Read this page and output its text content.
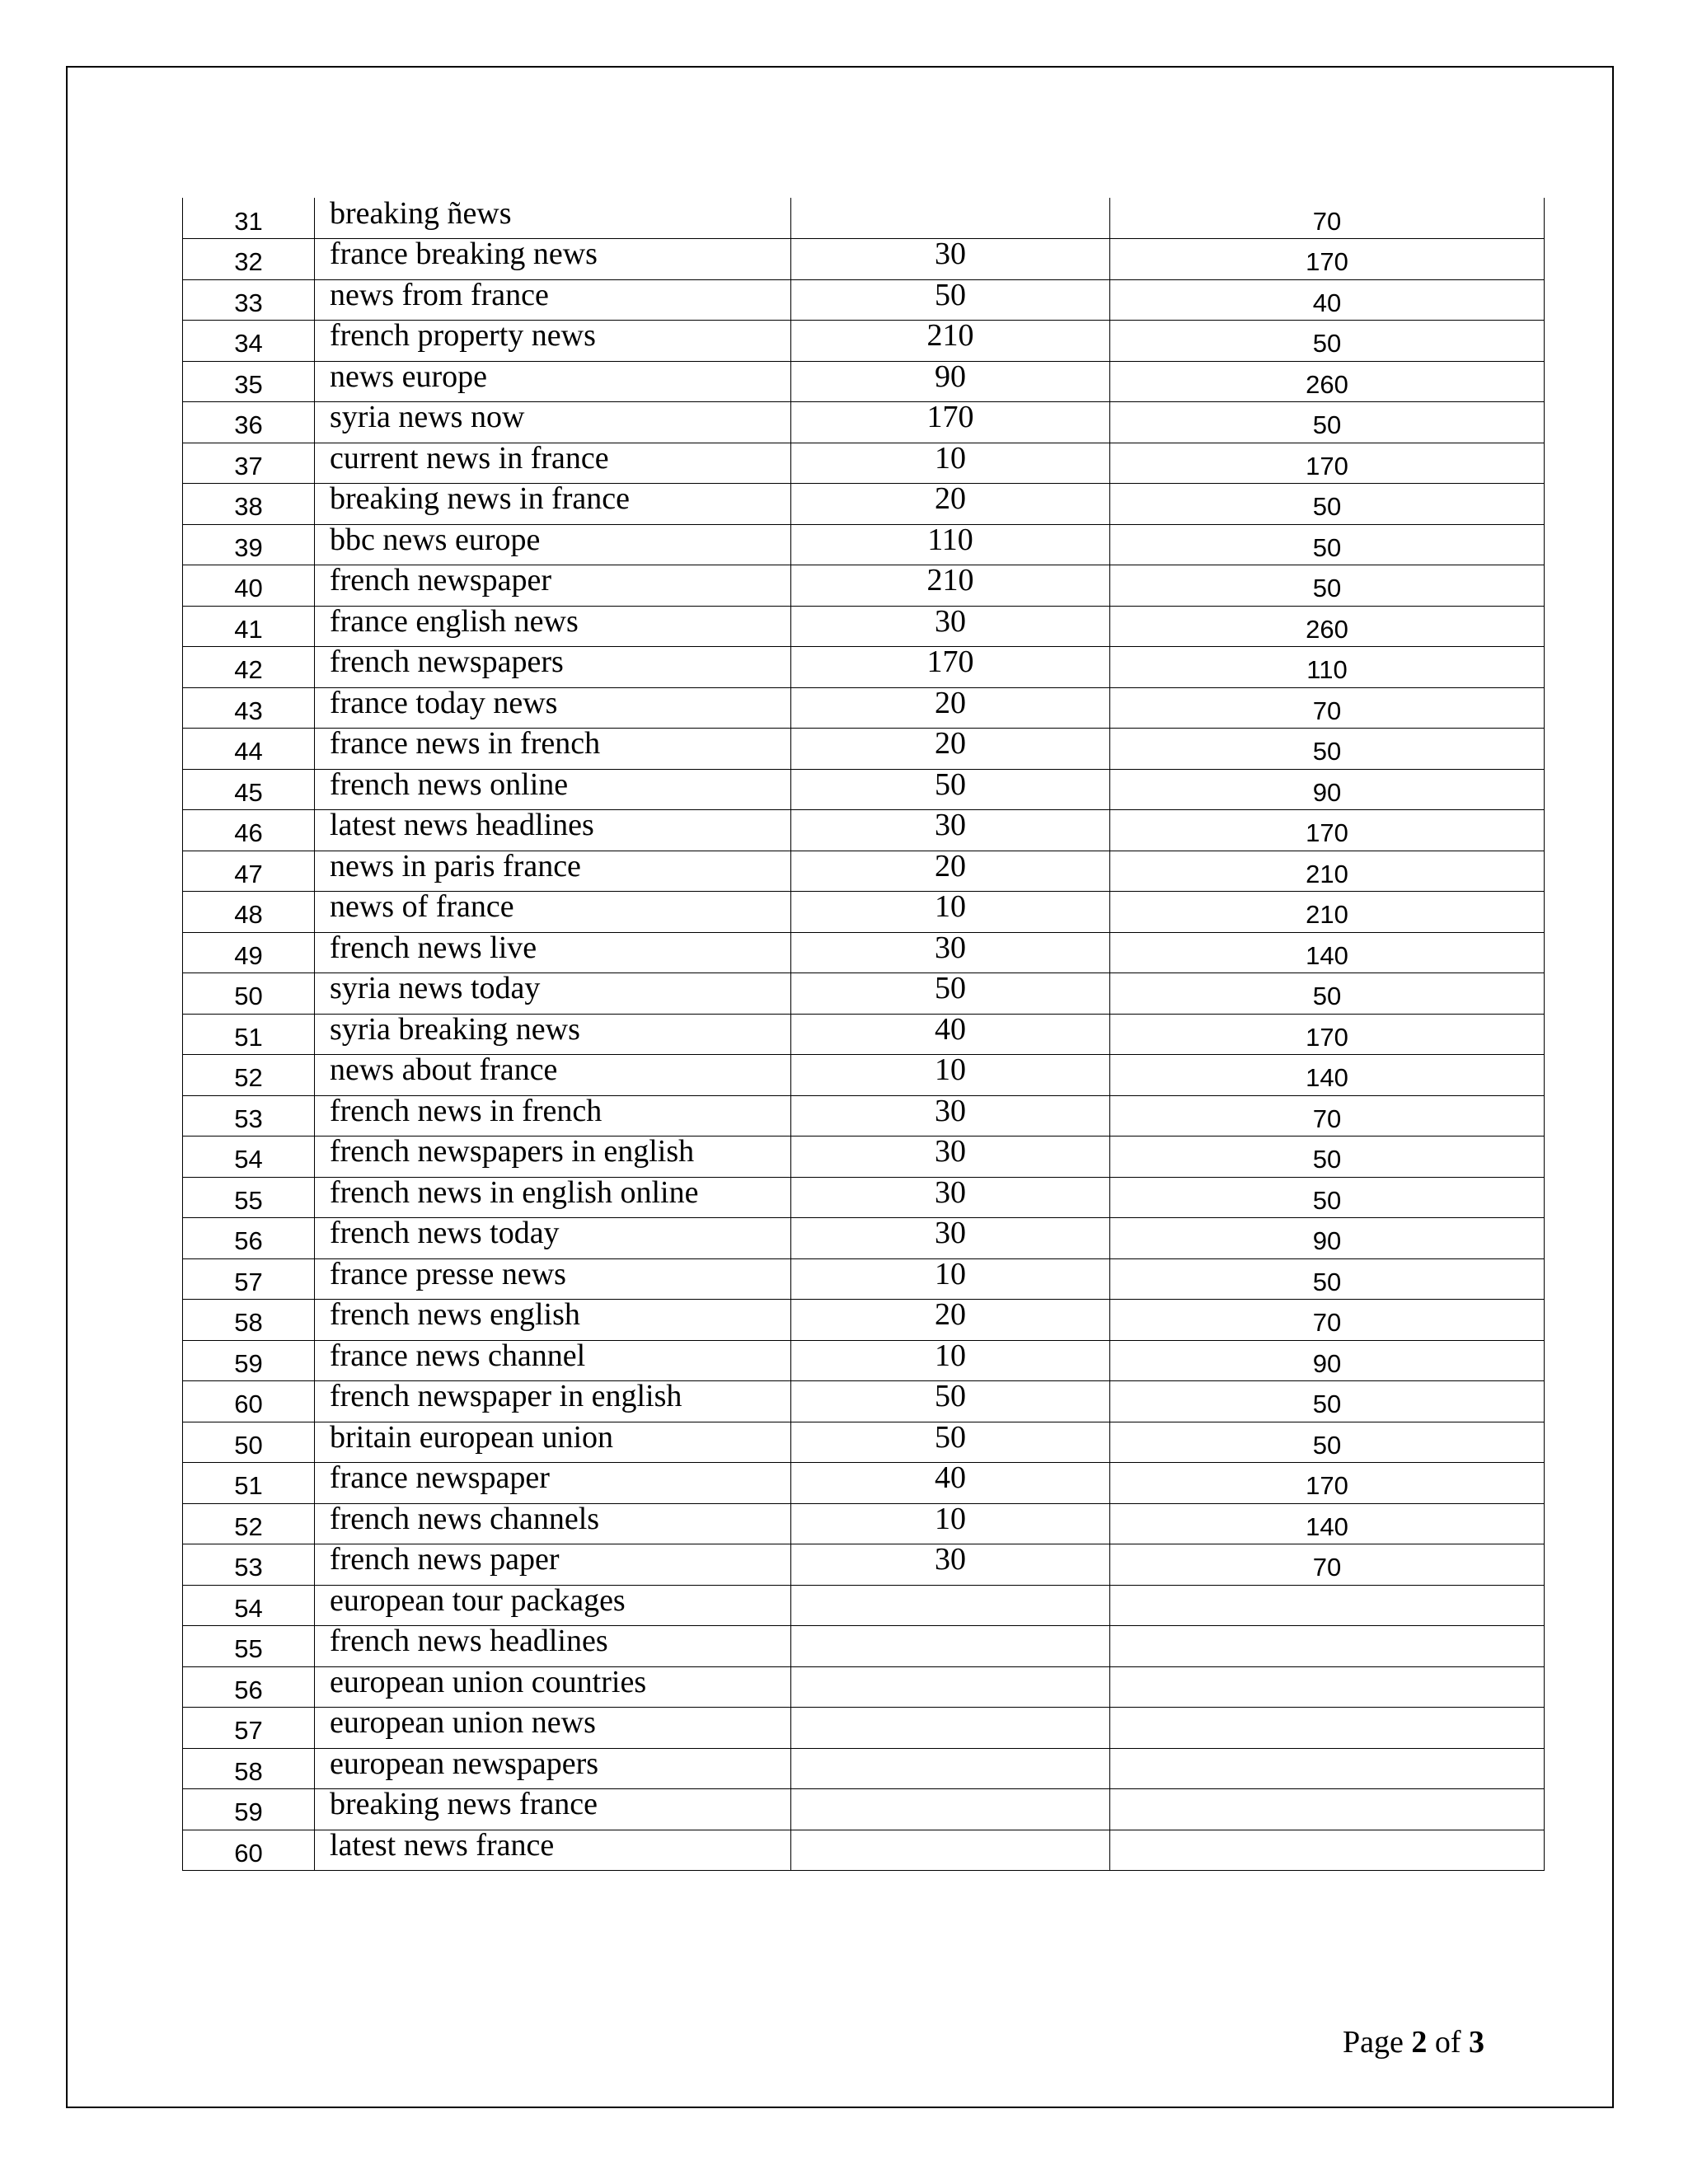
31	breaking ñews		70
32	france breaking news	30	170
33	news from france	50	40
34	french property news	210	50
35	news europe	90	260
36	syria news now	170	50
37	current news in france	10	170
38	breaking news in france	20	50
39	bbc news europe	110	50
40	french newspaper	210	50
41	france english news	30	260
42	french newspapers	170	110
43	france today news	20	70
44	france news in french	20	50
45	french news online	50	90
46	latest news headlines	30	170
47	news in paris france	20	210
48	news of france	10	210
49	french news live	30	140
50	syria news today	50	50
51	syria breaking news	40	170
52	news about france	10	140
53	french news in french	30	70
54	french newspapers in english	30	50
55	french news in english online	30	50
56	french news today	30	90
57	france presse news	10	50
58	french news english	20	70
59	france news channel	10	90
60	french newspaper in english	50	50
50	britain european union	50	50
51	france newspaper	40	170
52	french news channels	10	140
53	french news paper	30	70
54	european tour packages		
55	french news headlines		
56	european union countries		
57	european union news		
58	european newspapers		
59	breaking news france		
60	latest news france		
Page 2 of 3
